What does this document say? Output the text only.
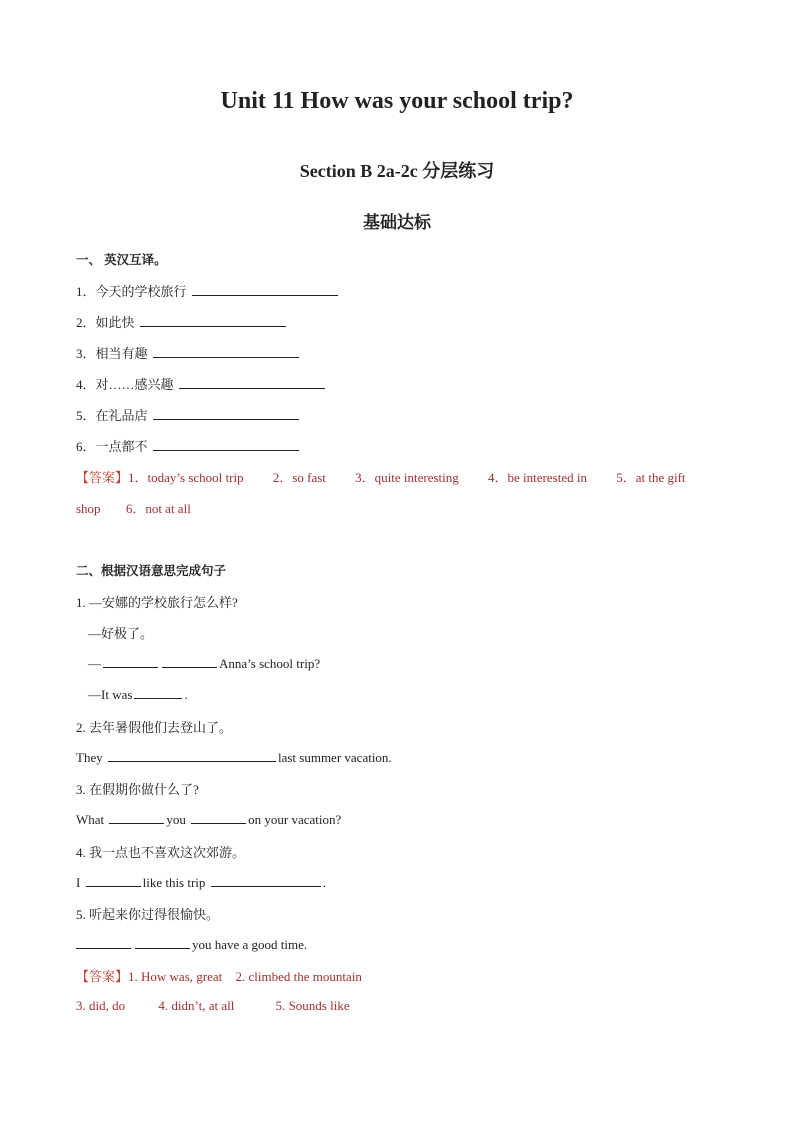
Unit 11 How was your school trip?
Section B 2a-2c 分层练习
基础达标
一、 英汉互译。
1．今天的学校旅行
2．如此快
3．相当有趣
4．对……感兴趣
5．在礼品店
6．一点都不
【答案】1．today’s school trip 2．so fast 3．quite interesting 4．be interested in 5．at the gift
shop 6．not at all
二、根据汉语意思完成句子
1. —安娜的学校旅行怎么样?
—好极了。
—	Anna’s school trip?
—It was	.
2. 去年暑假他们去登山了。
They	last summer vacation.
3. 在假期你做什么了?
What	you	on your vacation?
4. 我一点也不喜欢这次郊游。
I	like this trip	.
5. 听起来你过得很愉快。
you have a good time.
【答案】1. How was, great 2. climbed the mountain
3. did, do	4. didn’t, at all	5. Sounds like
